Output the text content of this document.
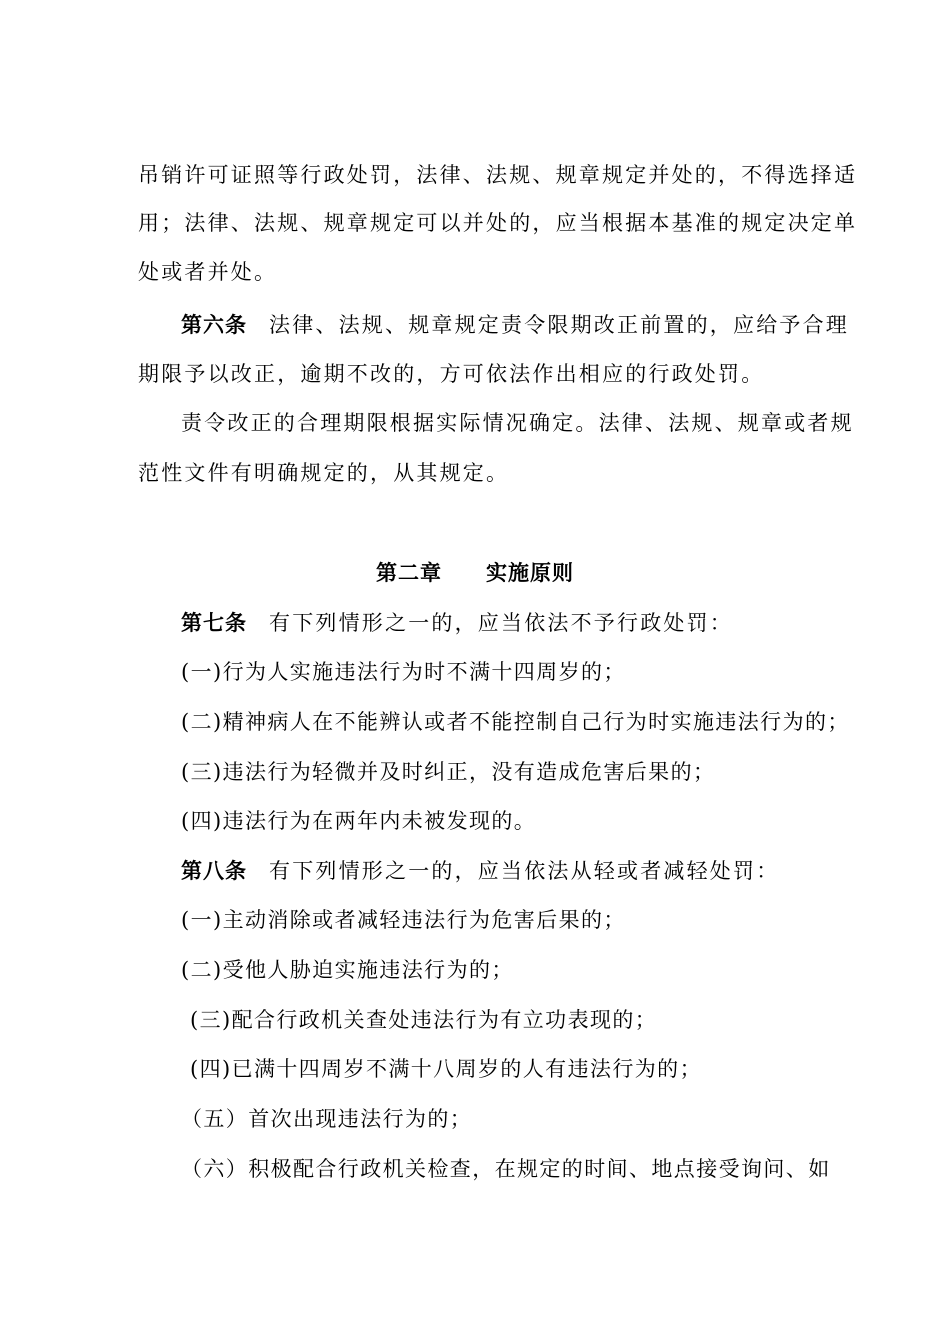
吊销许可证照等行政处罚，法律、法规、规章规定并处的，不得选择适
用；法律、法规、规章规定可以并处的，应当根据本基准的规定决定单
处或者并处。
第六条 法律、法规、规章规定责令限期改正前置的，应给予合理
期限予以改正，逾期不改的，方可依法作出相应的行政处罚。
责令改正的合理期限根据实际情况确定。法律、法规、规章或者规
范性文件有明确规定的，从其规定。
第二章 实施原则
第七条 有下列情形之一的，应当依法不予行政处罚：
(一)行为人实施违法行为时不满十四周岁的；
(二)精神病人在不能辨认或者不能控制自己行为时实施违法行为的；
(三)违法行为轻微并及时纠正，没有造成危害后果的；
(四)违法行为在两年内未被发现的。
第八条 有下列情形之一的，应当依法从轻或者减轻处罚：
(一)主动消除或者减轻违法行为危害后果的；
(二)受他人胁迫实施违法行为的；
(三)配合行政机关查处违法行为有立功表现的；
(四)已满十四周岁不满十八周岁的人有违法行为的；
（五）首次出现违法行为的；
（六）积极配合行政机关检查，在规定的时间、地点接受询问、如
